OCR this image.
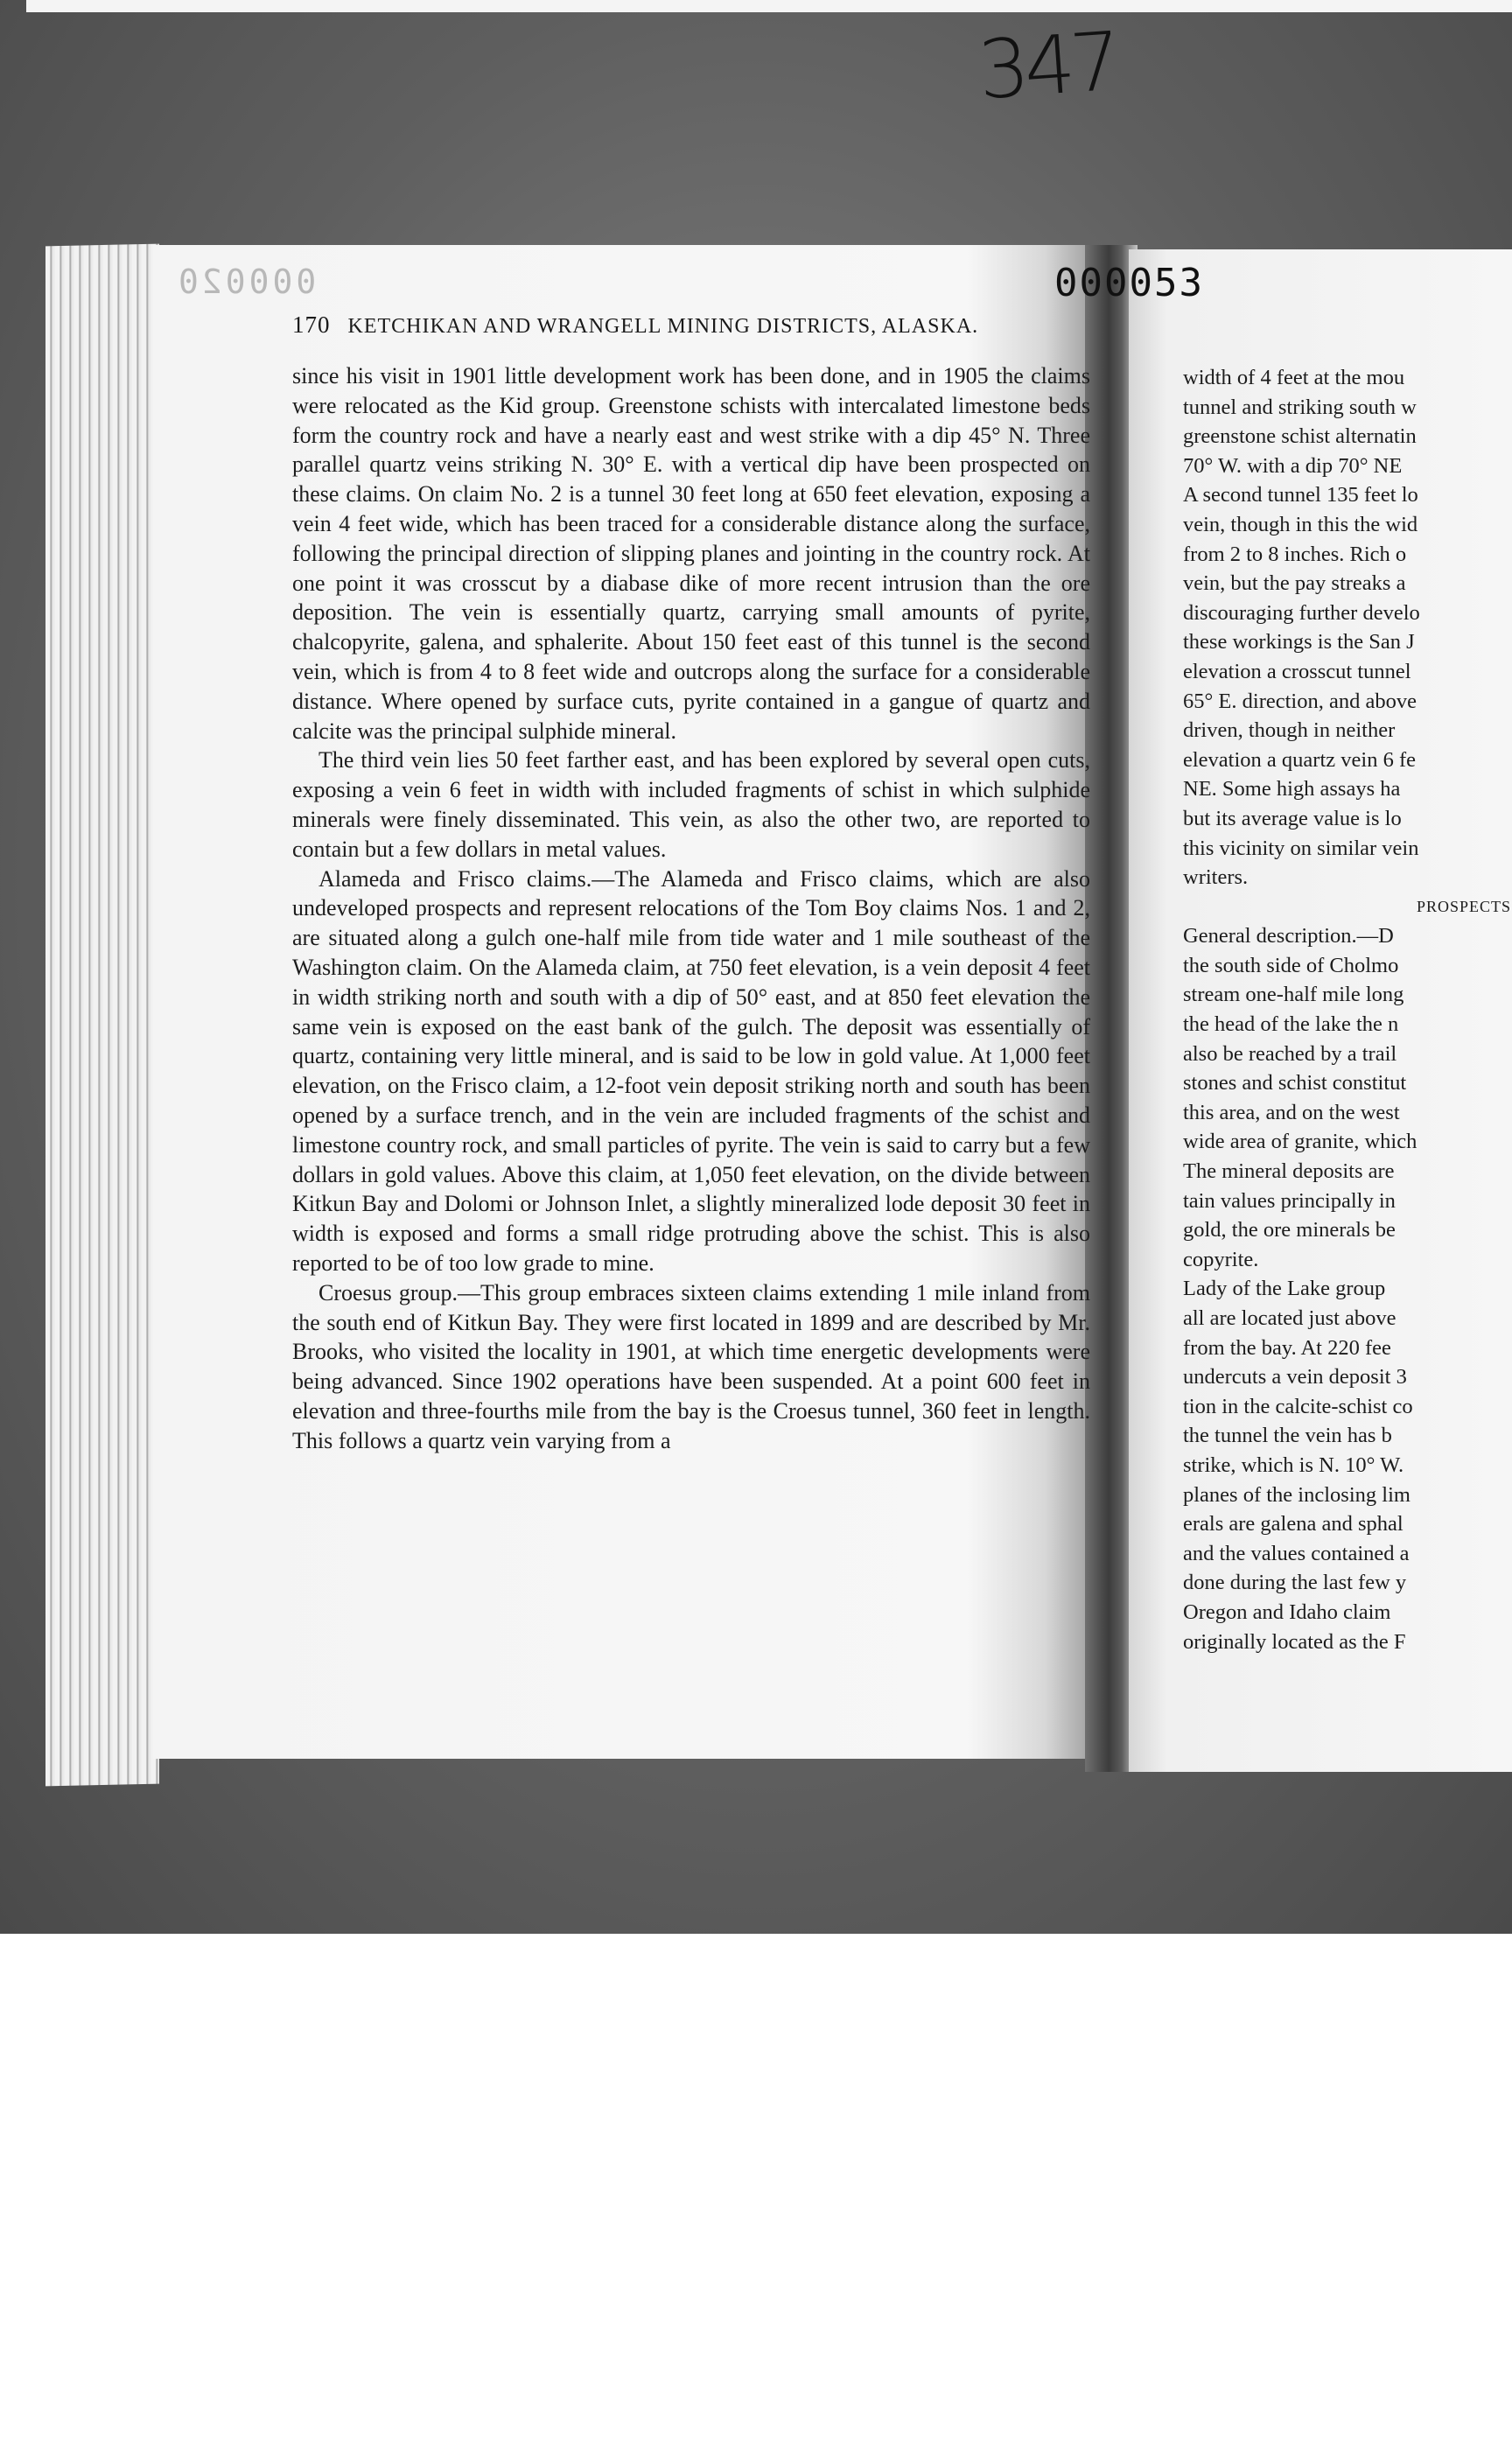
347

width of 4 feet at the mou

tunnel and striking south w

greenstone schist alternatin

70° W. with a dip 70° NE

A second tunnel 135 feet lo

vein, though in this the wid

from 2 to 8 inches. Rich o

vein, but the pay streaks a

discouraging further develo

these workings is the San J

elevation a crosscut tunnel

65° E. direction, and above

driven, though in neither

elevation a quartz vein 6 fe

NE. Some high assays ha

but its average value is lo

this vicinity on similar vein

writers.

PROSPECTS

General description.—D

the south side of Cholmo

stream one-half mile long

the head of the lake the n

also be reached by a trail

stones and schist constitut

this area, and on the west

wide area of granite, which

The mineral deposits are

tain values principally in

gold, the ore minerals be

copyrite.

Lady of the Lake group

all are located just above

from the bay. At 220 fee

undercuts a vein deposit 3

tion in the calcite-schist co

the tunnel the vein has b

strike, which is N. 10° W.

planes of the inclosing lim

erals are galena and sphal

and the values contained a

done during the last few y

Oregon and Idaho claim

originally located as the F

000020	000053
170 KETCHIKAN AND WRANGELL MINING DISTRICTS, ALASKA.

since his visit in 1901 little development work has been done, and in 1905 the claims were relocated as the Kid group. Greenstone schists with intercalated limestone beds form the country rock and have a nearly east and west strike with a dip 45° N. Three parallel quartz veins striking N. 30° E. with a vertical dip have been prospected on these claims. On claim No. 2 is a tunnel 30 feet long at 650 feet elevation, exposing a vein 4 feet wide, which has been traced for a considerable distance along the surface, following the principal direction of slipping planes and jointing in the country rock. At one point it was crosscut by a diabase dike of more recent intrusion than the ore deposition. The vein is essentially quartz, carrying small amounts of pyrite, chalcopyrite, galena, and sphalerite. About 150 feet east of this tunnel is the second vein, which is from 4 to 8 feet wide and outcrops along the surface for a considerable distance. Where opened by surface cuts, pyrite contained in a gangue of quartz and calcite was the principal sulphide mineral.

The third vein lies 50 feet farther east, and has been explored by several open cuts, exposing a vein 6 feet in width with included fragments of schist in which sulphide minerals were finely disseminated. This vein, as also the other two, are reported to contain but a few dollars in metal values.

Alameda and Frisco claims.—The Alameda and Frisco claims, which are also undeveloped prospects and represent relocations of the Tom Boy claims Nos. 1 and 2, are situated along a gulch one-half mile from tide water and 1 mile southeast of the Washington claim. On the Alameda claim, at 750 feet elevation, is a vein deposit 4 feet in width striking north and south with a dip of 50° east, and at 850 feet elevation the same vein is exposed on the east bank of the gulch. The deposit was essentially of quartz, containing very little mineral, and is said to be low in gold value. At 1,000 feet elevation, on the Frisco claim, a 12-foot vein deposit striking north and south has been opened by a surface trench, and in the vein are included fragments of the schist and limestone country rock, and small particles of pyrite. The vein is said to carry but a few dollars in gold values. Above this claim, at 1,050 feet elevation, on the divide between Kitkun Bay and Dolomi or Johnson Inlet, a slightly mineralized lode deposit 30 feet in width is exposed and forms a small ridge protruding above the schist. This is also reported to be of too low grade to mine.

Croesus group.—This group embraces sixteen claims extending 1 mile inland from the south end of Kitkun Bay. They were first located in 1899 and are described by Mr. Brooks, who visited the locality in 1901, at which time energetic developments were being advanced. Since 1902 operations have been suspended. At a point 600 feet in elevation and three-fourths mile from the bay is the Croesus tunnel, 360 feet in length. This follows a quartz vein varying from a
